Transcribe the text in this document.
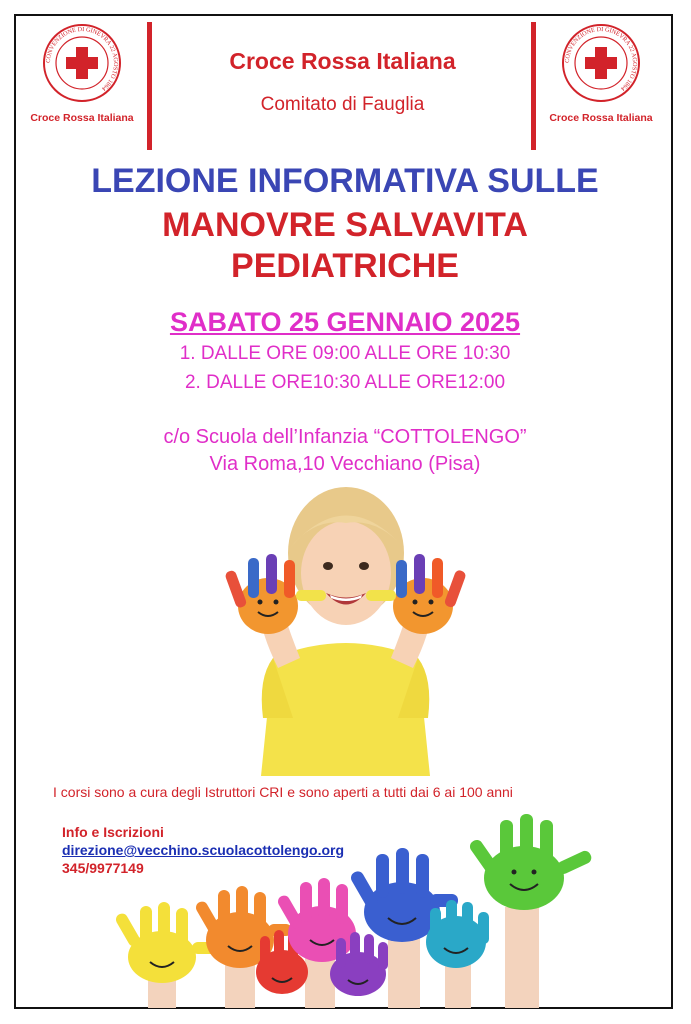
CONVENZIONE DI GINEVRA 22 AGOSTO 1864
Croce Rossa Italiana
CONVENZIONE DI GINEVRA 22 AGOSTO 1864
Croce Rossa Italiana
Croce Rossa Italiana
Comitato di Fauglia
LEZIONE INFORMATIVA SULLE
MANOVRE SALVAVITA
PEDIATRICHE
SABATO 25 GENNAIO 2025
1. DALLE ORE 09:00 ALLE ORE 10:30
2. DALLE ORE10:30 ALLE ORE12:00
c/o Scuola dell’Infanzia “COTTOLENGO”
Via Roma,10 Vecchiano (Pisa)
I corsi sono a cura degli Istruttori CRI e sono aperti a tutti dai 6 ai 100 anni
Info e Iscrizioni
direzione@vecchino.scuolacottolengo.org
345/9977149
